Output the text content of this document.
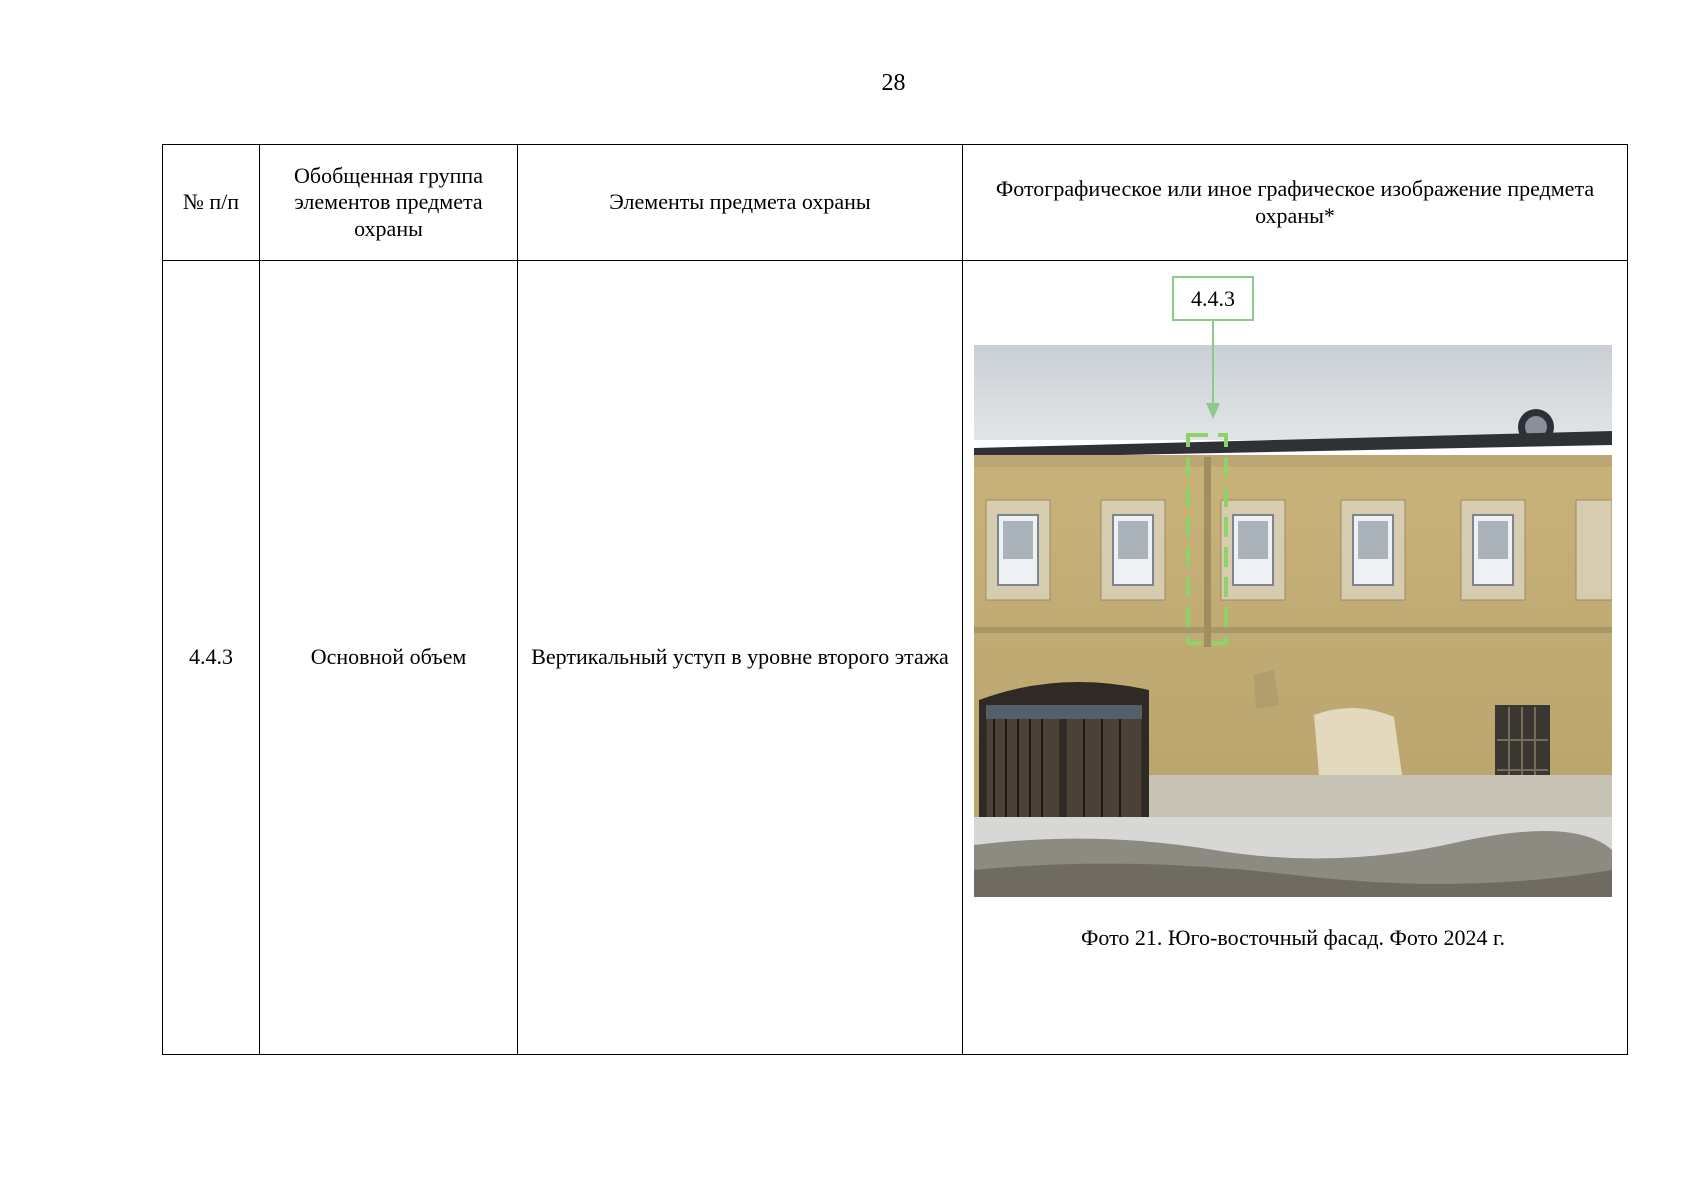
28
№ п/п	Обобщенная группа элементов предмета охраны	Элементы предмета охраны	Фотографическое или иное графическое изображение предмета охраны*
4.4.3	Основной объем	Вертикальный уступ в уровне второго этажа	4.4.3
Фото 21. Юго-восточный фасад. Фото 2024 г.
